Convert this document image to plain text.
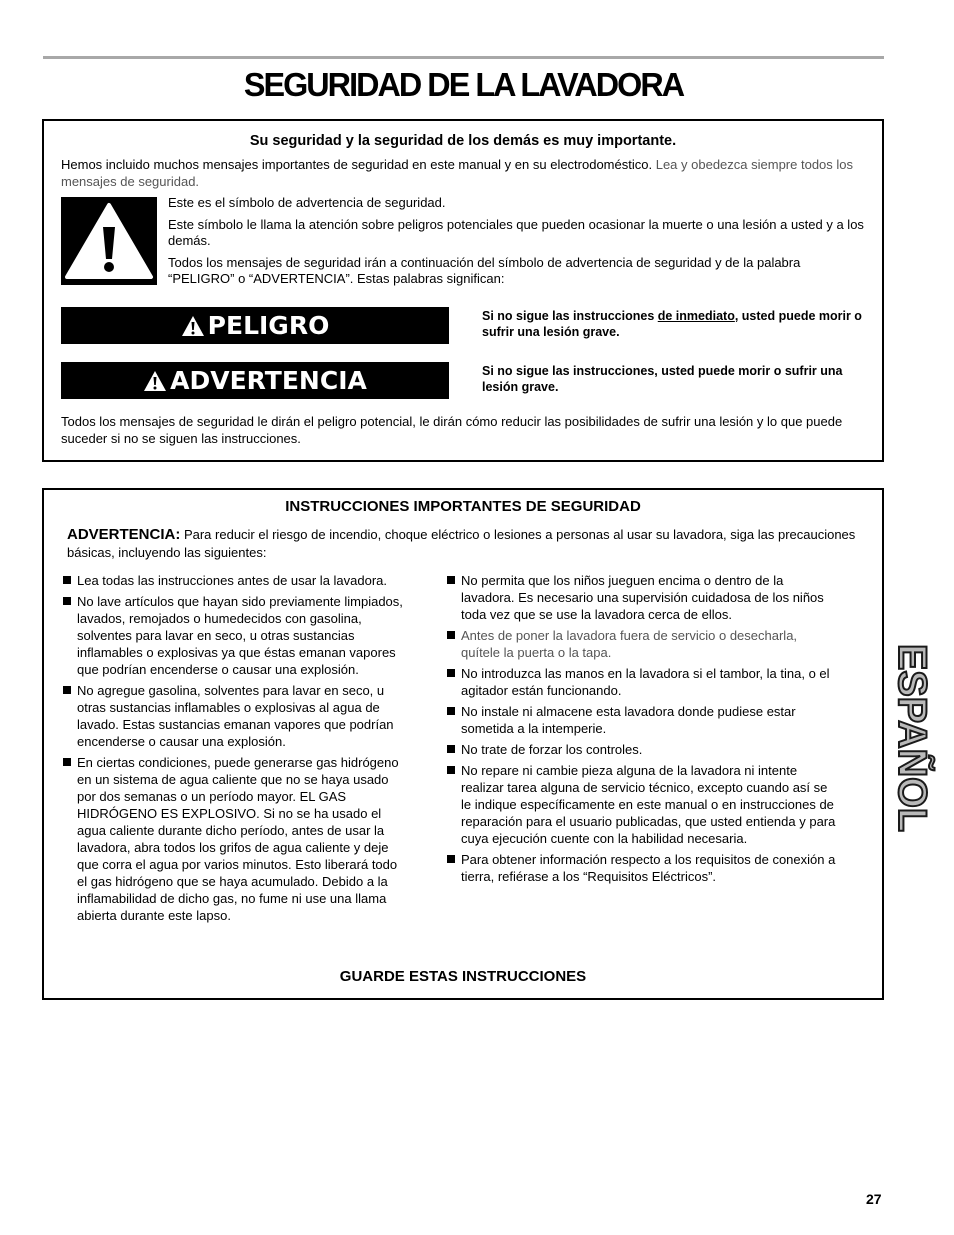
SEGURIDAD DE LA LAVADORA
Su seguridad y la seguridad de los demás es muy importante.
Hemos incluido muchos mensajes importantes de seguridad en este manual y en su electrodoméstico. Lea y obedezca siempre todos los mensajes de seguridad.

Este es el símbolo de advertencia de seguridad.

Este símbolo le llama la atención sobre peligros potenciales que pueden ocasionar la muerte o una lesión a usted y a los demás.

Todos los mensajes de seguridad irán a continuación del símbolo de advertencia de seguridad y de la palabra “PELIGRO” o “ADVERTENCIA”. Estas palabras significan:

PELIGRO	Si no sigue las instrucciones de inmediato, usted puede morir o sufrir una lesión grave.
ADVERTENCIA	Si no sigue las instrucciones, usted puede morir o sufrir una lesión grave.
Todos los mensajes de seguridad le dirán el peligro potencial, le dirán cómo reducir las posibilidades de sufrir una lesión y lo que puede suceder si no se siguen las instrucciones.
INSTRUCCIONES IMPORTANTES DE SEGURIDAD
ADVERTENCIA: Para reducir el riesgo de incendio, choque eléctrico o lesiones a personas al usar su lavadora, siga las precauciones básicas, incluyendo las siguientes:
Lea todas las instrucciones antes de usar la lavadora.
No lave artículos que hayan sido previamente limpiados, lavados, remojados o humedecidos con gasolina, solventes para lavar en seco, u otras sustancias inflamables o explosivas ya que éstas emanan vapores que podrían encenderse o causar una explosión.
No agregue gasolina, solventes para lavar en seco, u otras sustancias inflamables o explosivas al agua de lavado. Estas sustancias emanan vapores que podrían encenderse o causar una explosión.
En ciertas condiciones, puede generarse gas hidrógeno en un sistema de agua caliente que no se haya usado por dos semanas o un período mayor. EL GAS HIDRÓGENO ES EXPLOSIVO. Si no se ha usado el agua caliente durante dicho período, antes de usar la lavadora, abra todos los grifos de agua caliente y deje que corra el agua por varios minutos. Esto liberará todo el gas hidrógeno que se haya acumulado. Debido a la inflamabilidad de dicho gas, no fume ni use una llama abierta durante este lapso.
No permita que los niños jueguen encima o dentro de la lavadora. Es necesario una supervisión cuidadosa de los niños toda vez que se use la lavadora cerca de ellos.
Antes de poner la lavadora fuera de servicio o desecharla, quítele la puerta o la tapa.
No introduzca las manos en la lavadora si el tambor, la tina, o el agitador están funcionando.
No instale ni almacene esta lavadora donde pudiese estar sometida a la intemperie.
No trate de forzar los controles.
No repare ni cambie pieza alguna de la lavadora ni intente realizar tarea alguna de servicio técnico, excepto cuando así se le indique específicamente en este manual o en instrucciones de reparación para el usuario publicadas, que usted entienda y para cuya ejecución cuente con la habilidad necesaria.
Para obtener información respecto a los requisitos de conexión a tierra, refiérase a los “Requisitos Eléctricos”.
GUARDE ESTAS INSTRUCCIONES
ESPAÑOL
27
